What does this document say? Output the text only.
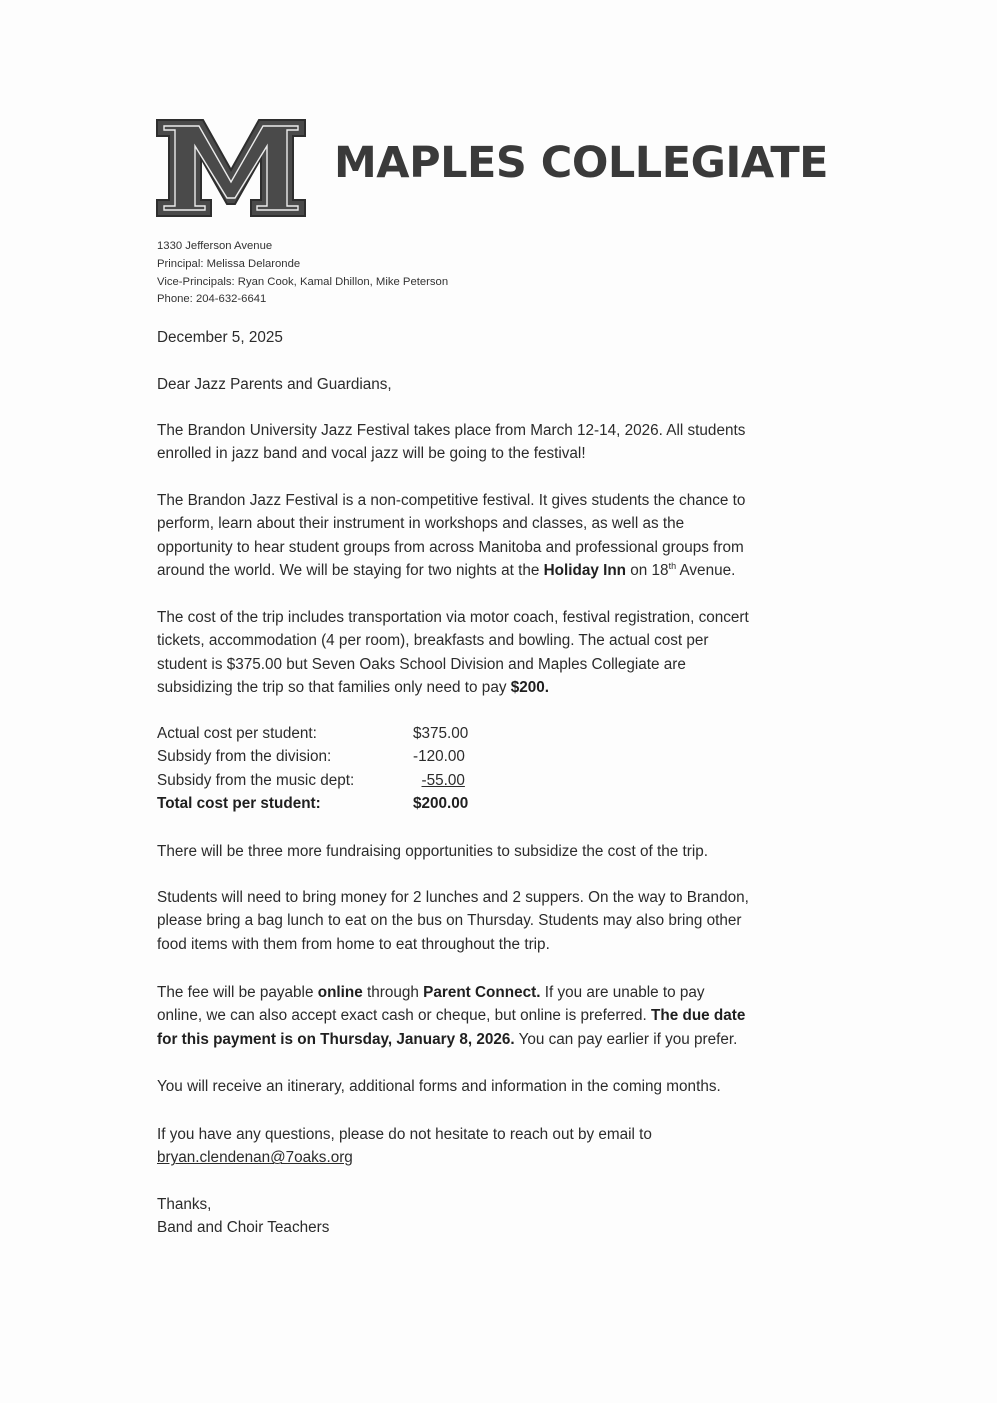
MAPLES COLLEGIATE
1330 Jefferson Avenue
Principal: Melissa Delaronde
Vice-Principals: Ryan Cook, Kamal Dhillon, Mike Peterson
Phone: 204-632-6641

December 5, 2025

Dear Jazz Parents and Guardians,

The Brandon University Jazz Festival takes place from March 12-14, 2026. All students

enrolled in jazz band and vocal jazz will be going to the festival!

The Brandon Jazz Festival is a non-competitive festival. It gives students the chance to

perform, learn about their instrument in workshops and classes, as well as the

opportunity to hear student groups from across Manitoba and professional groups from

around the world. We will be staying for two nights at the Holiday Inn on 18th Avenue.

The cost of the trip includes transportation via motor coach, festival registration, concert

tickets, accommodation (4 per room), breakfasts and bowling. The actual cost per

student is $375.00 but Seven Oaks School Division and Maples Collegiate are

subsidizing the trip so that families only need to pay $200.

Actual cost per student:	$375.00
Subsidy from the division:	-120.00
Subsidy from the music dept:	-55.00
Total cost per student:	$200.00

There will be three more fundraising opportunities to subsidize the cost of the trip.

Students will need to bring money for 2 lunches and 2 suppers. On the way to Brandon,

please bring a bag lunch to eat on the bus on Thursday. Students may also bring other

food items with them from home to eat throughout the trip.

The fee will be payable online through Parent Connect. If you are unable to pay

online, we can also accept exact cash or cheque, but online is preferred. The due date

for this payment is on Thursday, January 8, 2026. You can pay earlier if you prefer.

You will receive an itinerary, additional forms and information in the coming months.

If you have any questions, please do not hesitate to reach out by email to

bryan.clendenan@7oaks.org

Thanks,

Band and Choir Teachers
